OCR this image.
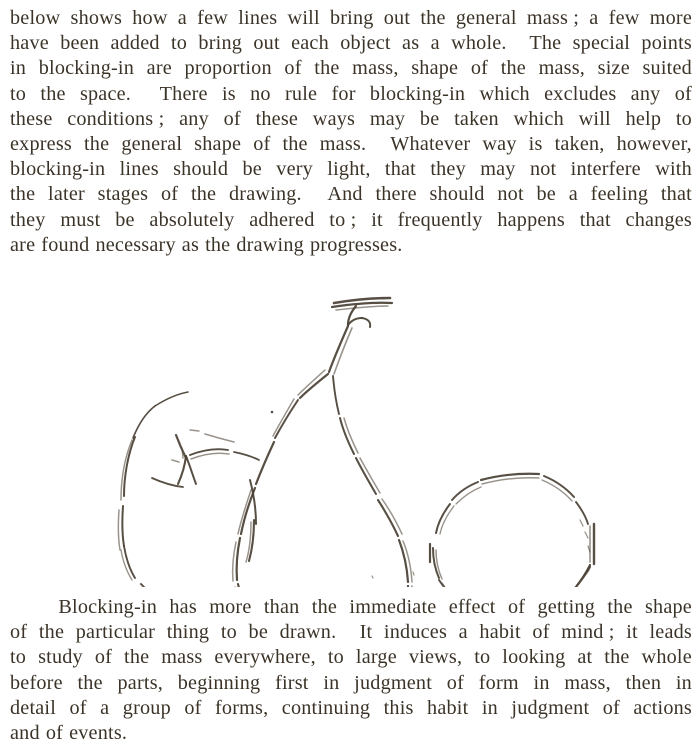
below shows how a few lines will bring out the general mass ; a few more
have been added to bring out each object as a whole. The special points
in blocking-in are proportion of the mass, shape of the mass, size suited
to the space. There is no rule for blocking-in which excludes any of
these conditions ; any of these ways may be taken which will help to
express the general shape of the mass. Whatever way is taken, however,
blocking-in lines should be very light, that they may not interfere with
the later stages of the drawing. And there should not be a feeling that
they must be absolutely adhered to ; it frequently happens that changes
are found necessary as the drawing progresses.
Blocking-in has more than the immediate effect of getting the shape
of the particular thing to be drawn. It induces a habit of mind ; it leads
to study of the mass everywhere, to large views, to looking at the whole
before the parts, beginning first in judgment of form in mass, then in
detail of a group of forms, continuing this habit in judgment of actions
and of events.
